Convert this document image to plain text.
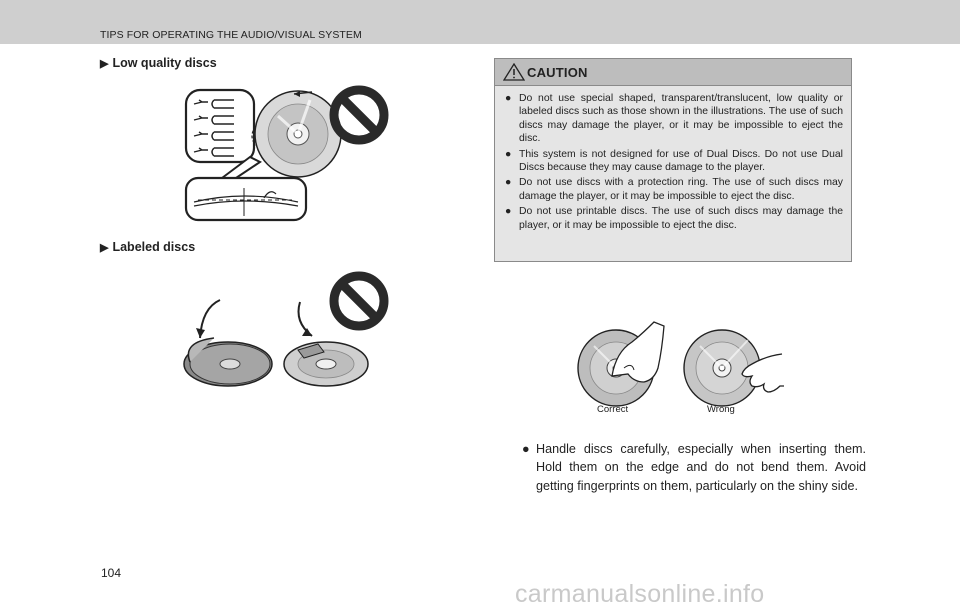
TIPS FOR OPERATING THE AUDIO/VISUAL SYSTEM
▶ Low quality discs
▶ Labeled discs
CAUTION
● Do not use special shaped, transparent/translucent, low quality or labeled discs such as those shown in the illustrations. The use of such discs may damage the player, or it may be impossible to eject the disc.
● This system is not designed for use of Dual Discs. Do not use Dual Discs because they may cause damage to the player.
● Do not use discs with a protection ring. The use of such discs may damage the player, or it may be impossible to eject the disc.
● Do not use printable discs. The use of such discs may damage the player, or it may be impossible to eject the disc.
Correct	Wrong
● Handle discs carefully, especially when inserting them. Hold them on the edge and do not bend them. Avoid getting fingerprints on them, particularly on the shiny side.
104
carmanualsonline.info
